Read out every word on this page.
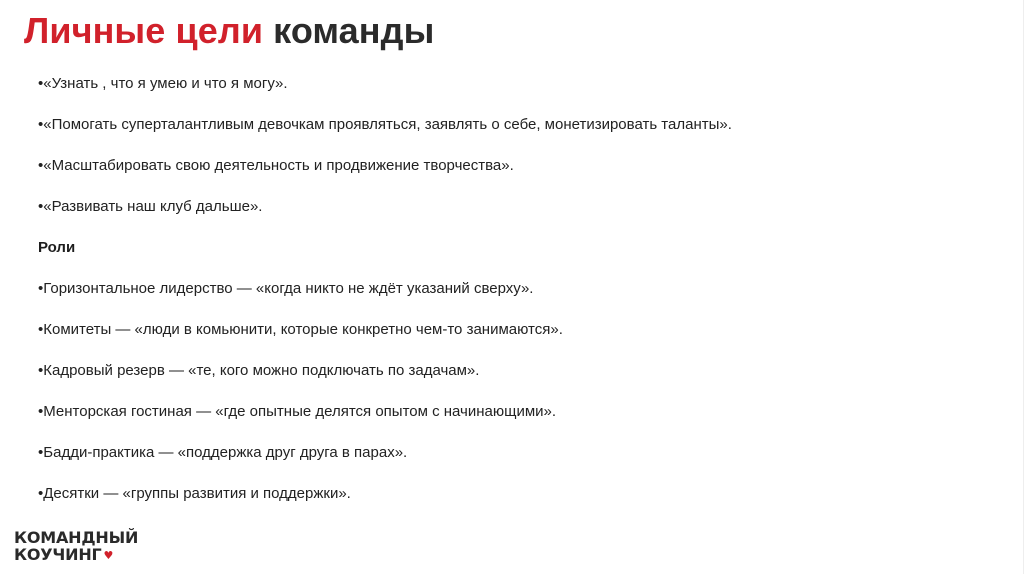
Личные цели команды
•«Узнать , что я умею и что я могу».
•«Помогать суперталантливым девочкам проявляться, заявлять о себе, монетизировать таланты».
•«Масштабировать свою деятельность и продвижение творчества».
•«Развивать наш клуб дальше».
Роли
•Горизонтальное лидерство — «когда никто не ждёт указаний сверху».
•Комитеты — «люди в комьюнити, которые конкретно чем-то занимаются».
•Кадровый резерв — «те, кого можно подключать по задачам».
•Менторская гостиная — «где опытные делятся опытом с начинающими».
•Бадди-практика — «поддержка друг друга в парах».
•Десятки — «группы развития и поддержки».
КОМАНДНЫЙ
КОУЧИНГ ♥
